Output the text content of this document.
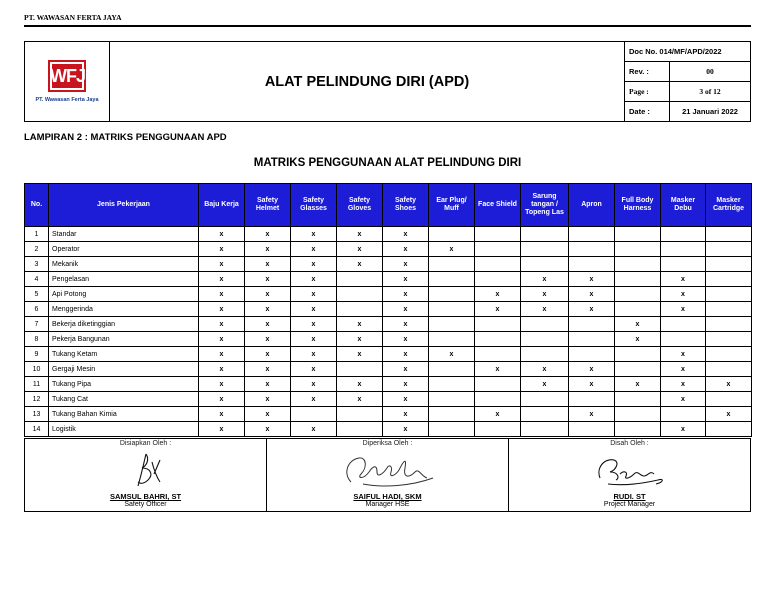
PT. WAWASAN FERTA JAYA
WFJ
PT. Wawasan Ferta Jaya	ALAT PELINDUNG DIRI (APD)	Doc No. 014/MF/APD/2022	
		Rev. :	00
		Page :	3 of 12
		Date :	21 Januari 2022
LAMPIRAN 2 : MATRIKS PENGGUNAAN APD
MATRIKS PENGGUNAAN ALAT PELINDUNG DIRI
No.	Jenis Pekerjaan	Baju Kerja	Safety Helmet	Safety Glasses	Safety Gloves	Safety Shoes	Ear Plug/ Muff	Face Shield	Sarung tangan / Topeng Las	Apron	Full Body Harness	Masker Debu	Masker Cartridge
1	Standar	x	x	x	x	x							
2	Operator	x	x	x	x	x	x						
3	Mekanik	x	x	x	x	x							
4	Pengelasan	x	x	x		x			x	x		x	
5	Api Potong	x	x	x		x		x	x	x		x	
6	Menggerinda	x	x	x		x		x	x	x		x	
7	Bekerja diketinggian	x	x	x	x	x					x		
8	Pekerja Bangunan	x	x	x	x	x					x		
9	Tukang Ketam	x	x	x	x	x	x					x	
10	Gergaji Mesin	x	x	x		x		x	x	x		x	
11	Tukang Pipa	x	x	x	x	x			x	x	x	x	x
12	Tukang Cat	x	x	x	x	x						x	
13	Tukang Bahan Kimia	x	x			x		x		x			x
14	Logistik	x	x	x		x						x	
Disiapkan Oleh :
SAMSUL BAHRI, ST
Safety Officer

Diperiksa Oleh :
SAIFUL HADI, SKM
Manager HSE

Disah Oleh :
RUDI. ST
Project Manager
